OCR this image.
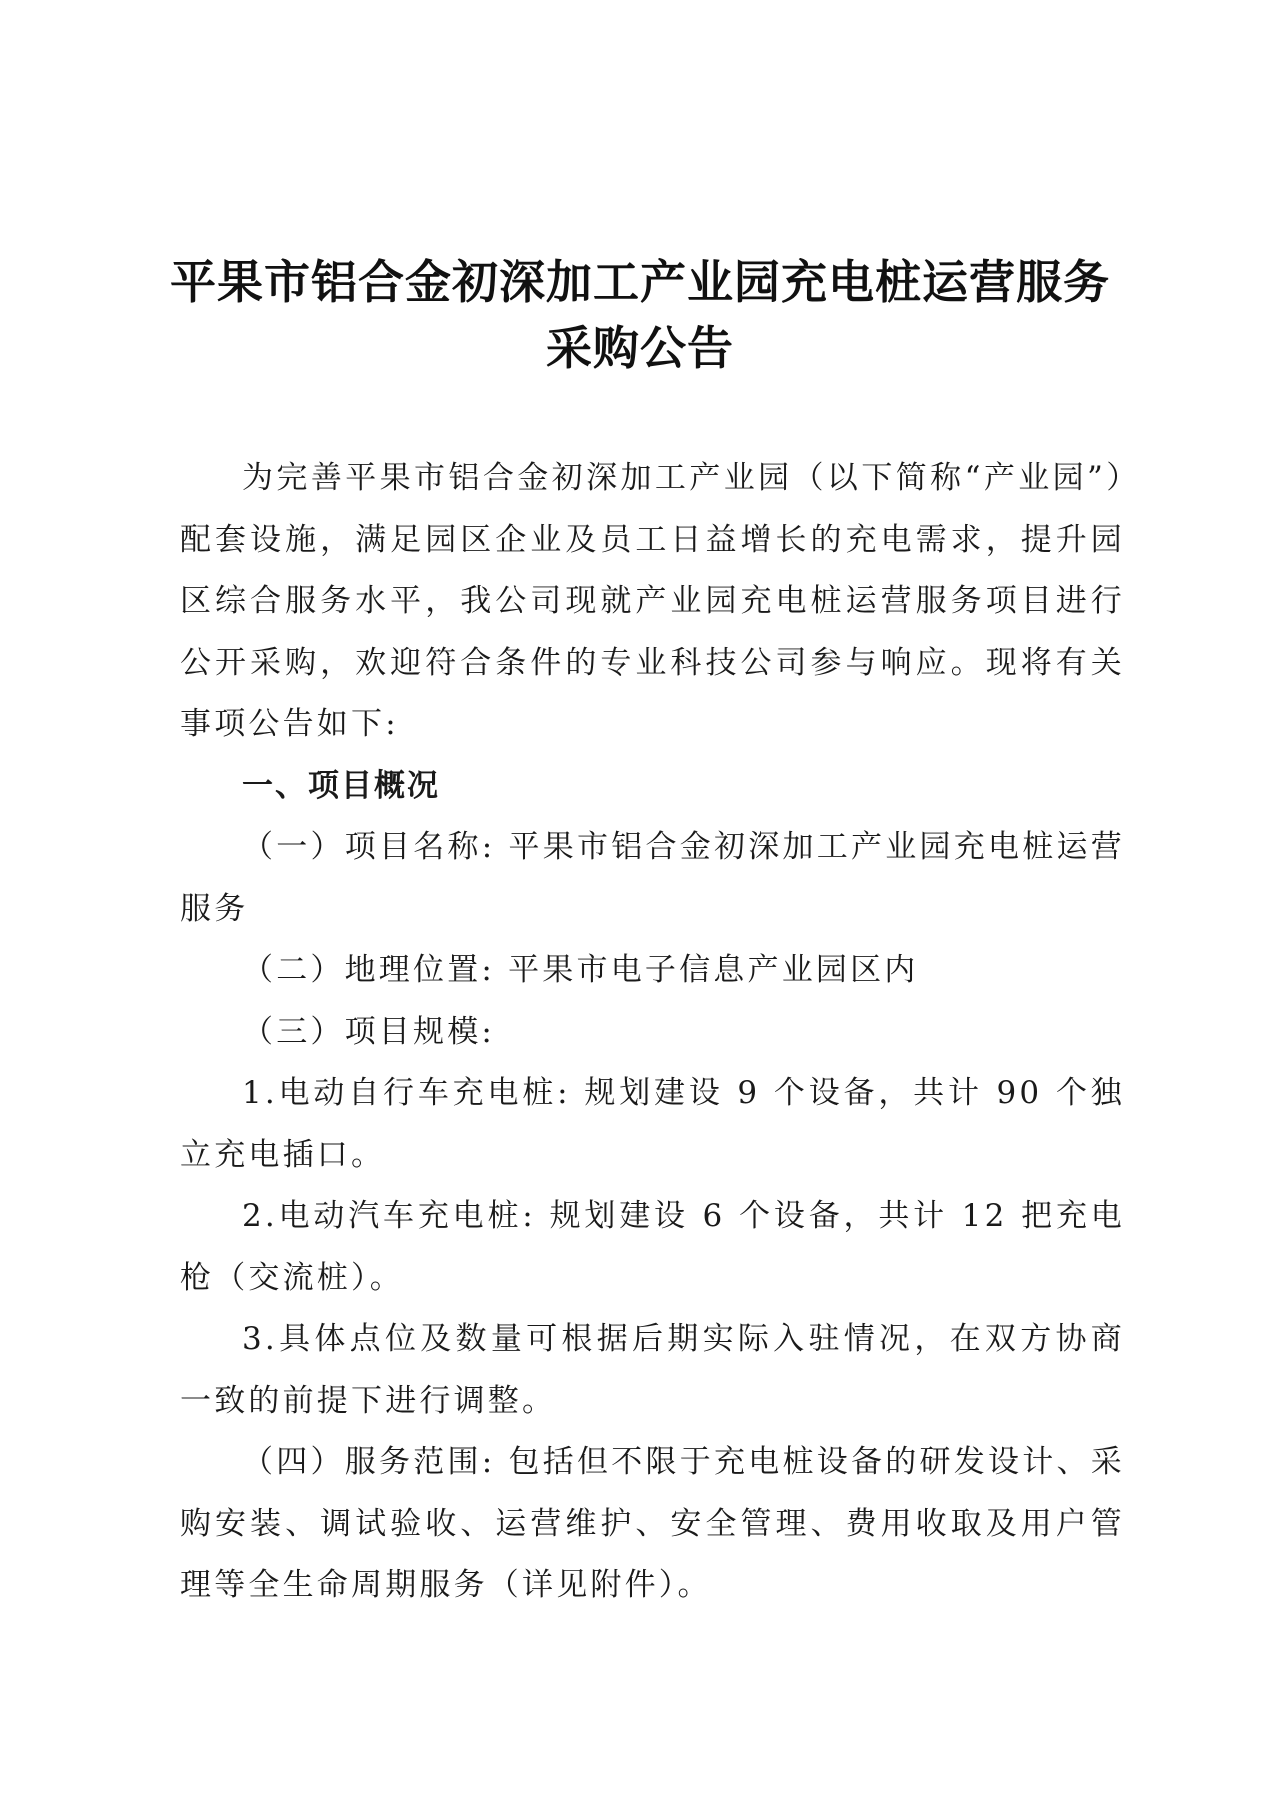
平果市铝合金初深加工产业园充电桩运营服务
采购公告

为完善平果市铝合金初深加工产业园（以下简称“产业园”）配套设施，满足园区企业及员工日益增长的充电需求，提升园区综合服务水平，我公司现就产业园充电桩运营服务项目进行公开采购，欢迎符合条件的专业科技公司参与响应。现将有关事项公告如下:

一、项目概况

（一）项目名称: 平果市铝合金初深加工产业园充电桩运营服务

（二）地理位置: 平果市电子信息产业园区内

（三）项目规模:

1.电动自行车充电桩: 规划建设 9 个设备，共计 90 个独立充电插口。

2.电动汽车充电桩: 规划建设 6 个设备，共计 12 把充电枪（交流桩）。

3.具体点位及数量可根据后期实际入驻情况，在双方协商一致的前提下进行调整。

（四）服务范围: 包括但不限于充电桩设备的研发设计、采购安装、调试验收、运营维护、安全管理、费用收取及用户管理等全生命周期服务（详见附件）。
